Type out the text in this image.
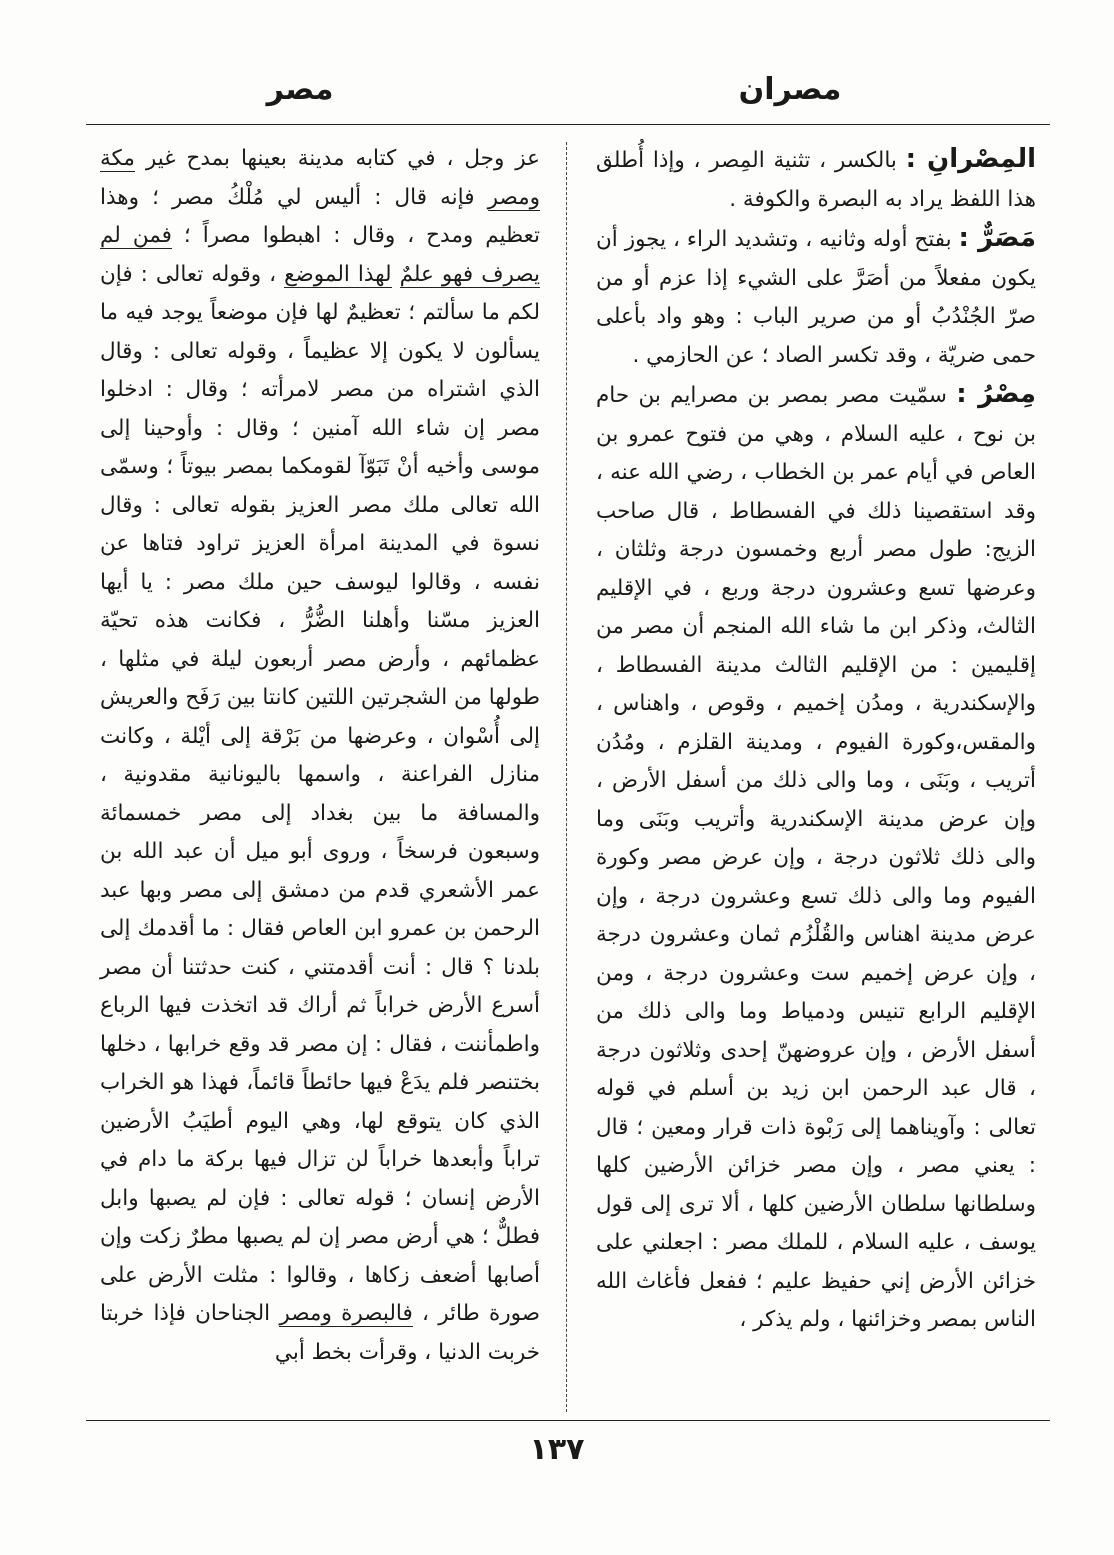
مصران
مصر

المِصْرانِ : بالكسر ، تثنية المِصر ، وإذا أُطلق هذا اللفظ يراد به البصرة والكوفة .

مَصَرٌّ : بفتح أوله وثانيه ، وتشديد الراء ، يجوز أن يكون مفعلاً من أصَرَّ على الشيء إذا عزم أو من صرّ الجُنْدُبُ أو من صرير الباب : وهو واد بأعلى حمى ضريّة ، وقد تكسر الصاد ؛ عن الحازمي .

مِصْرُ : سمّيت مصر بمصر بن مصرايم بن حام بن نوح ، عليه السلام ، وهي من فتوح عمرو بن العاص في أيام عمر بن الخطاب ، رضي الله عنه ، وقد استقصينا ذلك في الفسطاط ، قال صاحب الزيج: طول مصر أربع وخمسون درجة وثلثان ، وعرضها تسع وعشرون درجة وربع ، في الإقليم الثالث، وذكر ابن ما شاء الله المنجم أن مصر من إقليمين : من الإقليم الثالث مدينة الفسطاط ، والإسكندرية ، ومدُن إخميم ، وقوص ، واهناس ، والمقس،وكورة الفيوم ، ومدينة القلزم ، ومُدُن أتريب ، وبَنَى ، وما والى ذلك من أسفل الأرض ، وإن عرض مدينة الإسكندرية وأتريب وبَنَى وما والى ذلك ثلاثون درجة ، وإن عرض مصر وكورة الفيوم وما والى ذلك تسع وعشرون درجة ، وإن عرض مدينة اهناس والقُلْزُم ثمان وعشرون درجة ، وإن عرض إخميم ست وعشرون درجة ، ومن الإقليم الرابع تنيس ودمياط وما والى ذلك من أسفل الأرض ، وإن عروضهنّ إحدى وثلاثون درجة ، قال عبد الرحمن ابن زيد بن أسلم في قوله تعالى : وآويناهما إلى رَبْوة ذات قرار ومعين ؛ قال : يعني مصر ، وإن مصر خزائن الأرضين كلها وسلطانها سلطان الأرضين كلها ، ألا ترى إلى قول يوسف ، عليه السلام ، للملك مصر : اجعلني على خزائن الأرض إني حفيظ عليم ؛ ففعل فأغاث الله الناس بمصر وخزائنها ، ولم يذكر ،

عز وجل ، في كتابه مدينة بعينها بمدح غير مكة ومصر فإنه قال : أليس لي مُلْكُ مصر ؛ وهذا تعظيم ومدح ، وقال : اهبطوا مصراً ؛ فمن لم يصرف فهو علمٌ لهذا الموضع ، وقوله تعالى : فإن لكم ما سألتم ؛ تعظيمٌ لها فإن موضعاً يوجد فيه ما يسألون لا يكون إلا عظيماً ، وقوله تعالى : وقال الذي اشتراه من مصر لامرأته ؛ وقال : ادخلوا مصر إن شاء الله آمنين ؛ وقال : وأوحينا إلى موسى وأخيه أنْ تَبَوّآ لقومكما بمصر بيوتاً ؛ وسمّى الله تعالى ملك مصر العزيز بقوله تعالى : وقال نسوة في المدينة امرأة العزيز تراود فتاها عن نفسه ، وقالوا ليوسف حين ملك مصر : يا أيها العزيز مسّنا وأهلنا الضُّرُّ ، فكانت هذه تحيّة عظمائهم ، وأرض مصر أربعون ليلة في مثلها ، طولها من الشجرتين اللتين كانتا بين رَفَح والعريش إلى أُسْوان ، وعرضها من بَرْقة إلى أيْلة ، وكانت منازل الفراعنة ، واسمها باليونانية مقدونية ، والمسافة ما بين بغداد إلى مصر خمسمائة وسبعون فرسخاً ، وروى أبو ميل أن عبد الله بن عمر الأشعري قدم من دمشق إلى مصر وبها عبد الرحمن بن عمرو ابن العاص فقال : ما أقدمك إلى بلدنا ؟ قال : أنت أقدمتني ، كنت حدثتنا أن مصر أسرع الأرض خراباً ثم أراك قد اتخذت فيها الرباع واطمأننت ، فقال : إن مصر قد وقع خرابها ، دخلها بختنصر فلم يدَعْ فيها حائطاً قائماً، فهذا هو الخراب الذي كان يتوقع لها، وهي اليوم أطيَبُ الأرضين تراباً وأبعدها خراباً لن تزال فيها بركة ما دام في الأرض إنسان ؛ قوله تعالى : فإن لم يصبها وابل فطلٌّ ؛ هي أرض مصر إن لم يصبها مطرٌ زكت وإن أصابها أضعف زكاها ، وقالوا : مثلت الأرض على صورة طائر ، فالبصرة ومصر الجناحان فإذا خربتا خربت الدنيا ، وقرأت بخط أبي

١٣٧
